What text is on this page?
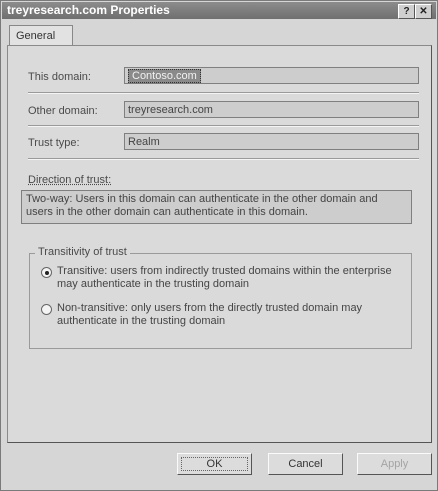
treyresearch.com Properties	? ✕
General
This domain:	Contoso.com
Other domain:	treyresearch.com
Trust type:	Realm
Direction of trust:
Two-way: Users in this domain can authenticate in the other domain and users in the other domain can authenticate in this domain.
Transitivity of trust
Transitive: users from indirectly trusted domains within the enterprise may authenticate in the trusting domain
Non-transitive: only users from the directly trusted domain may authenticate in the trusting domain
OK	Cancel	Apply
